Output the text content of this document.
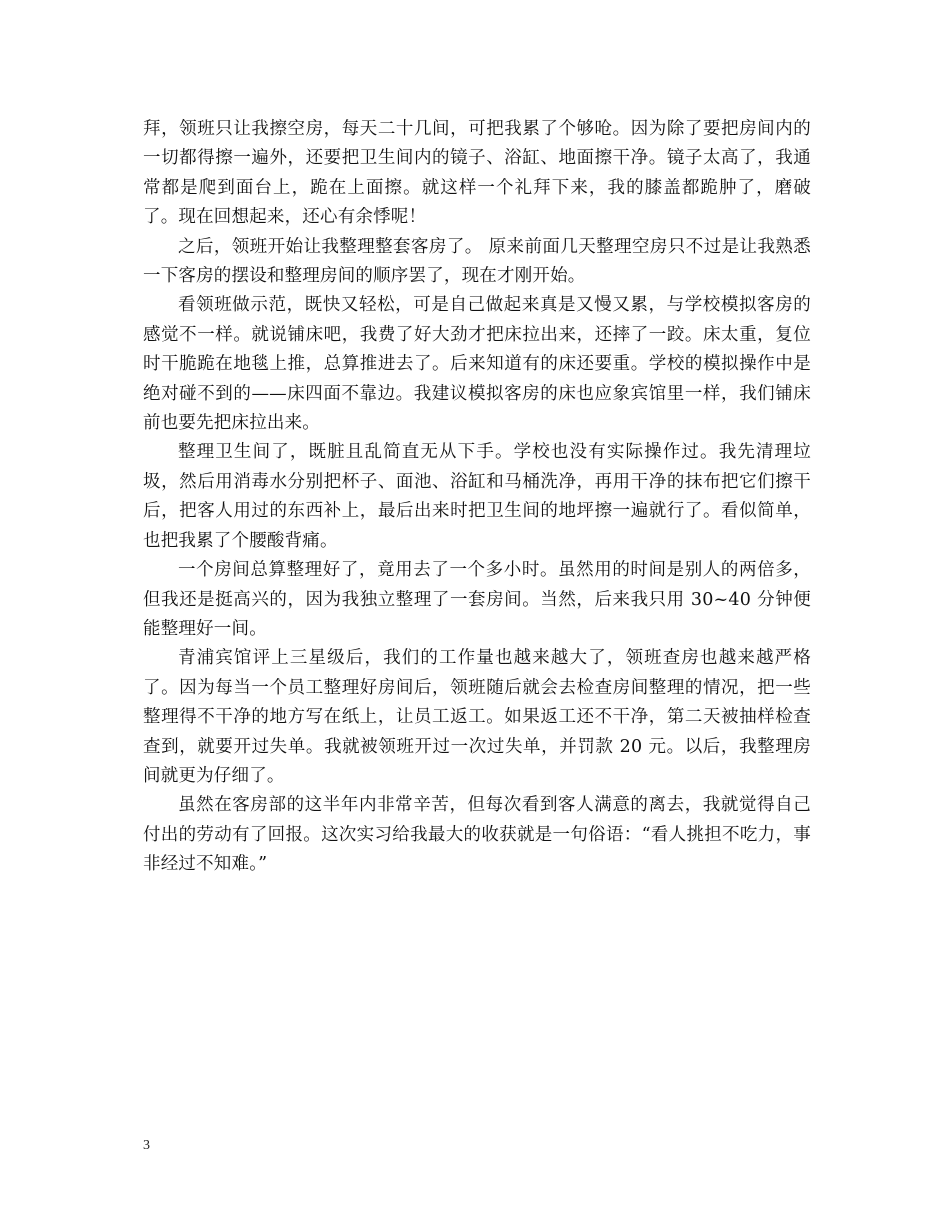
拜，领班只让我擦空房，每天二十几间，可把我累了个够呛。因为除了要把房间内的一切都得擦一遍外，还要把卫生间内的镜子、浴缸、地面擦干净。镜子太高了，我通常都是爬到面台上，跪在上面擦。就这样一个礼拜下来，我的膝盖都跪肿了，磨破了。现在回想起来，还心有余悸呢！

之后，领班开始让我整理整套客房了。 原来前面几天整理空房只不过是让我熟悉一下客房的摆设和整理房间的顺序罢了，现在才刚开始。

看领班做示范，既快又轻松，可是自己做起来真是又慢又累，与学校模拟客房的感觉不一样。就说铺床吧，我费了好大劲才把床拉出来，还摔了一跤。床太重，复位时干脆跪在地毯上推，总算推进去了。后来知道有的床还要重。学校的模拟操作中是绝对碰不到的——床四面不靠边。我建议模拟客房的床也应象宾馆里一样，我们铺床前也要先把床拉出来。

整理卫生间了，既脏且乱简直无从下手。学校也没有实际操作过。我先清理垃圾，然后用消毒水分别把杯子、面池、浴缸和马桶洗净，再用干净的抹布把它们擦干后，把客人用过的东西补上，最后出来时把卫生间的地坪擦一遍就行了。看似简单，也把我累了个腰酸背痛。

一个房间总算整理好了，竟用去了一个多小时。虽然用的时间是别人的两倍多，但我还是挺高兴的，因为我独立整理了一套房间。当然，后来我只用 30~40 分钟便能整理好一间。

青浦宾馆评上三星级后，我们的工作量也越来越大了，领班查房也越来越严格了。因为每当一个员工整理好房间后，领班随后就会去检查房间整理的情况，把一些整理得不干净的地方写在纸上，让员工返工。如果返工还不干净，第二天被抽样检查查到，就要开过失单。我就被领班开过一次过失单，并罚款 20 元。以后，我整理房间就更为仔细了。

虽然在客房部的这半年内非常辛苦，但每次看到客人满意的离去，我就觉得自己付出的劳动有了回报。这次实习给我最大的收获就是一句俗语：“看人挑担不吃力，事非经过不知难。”

3
